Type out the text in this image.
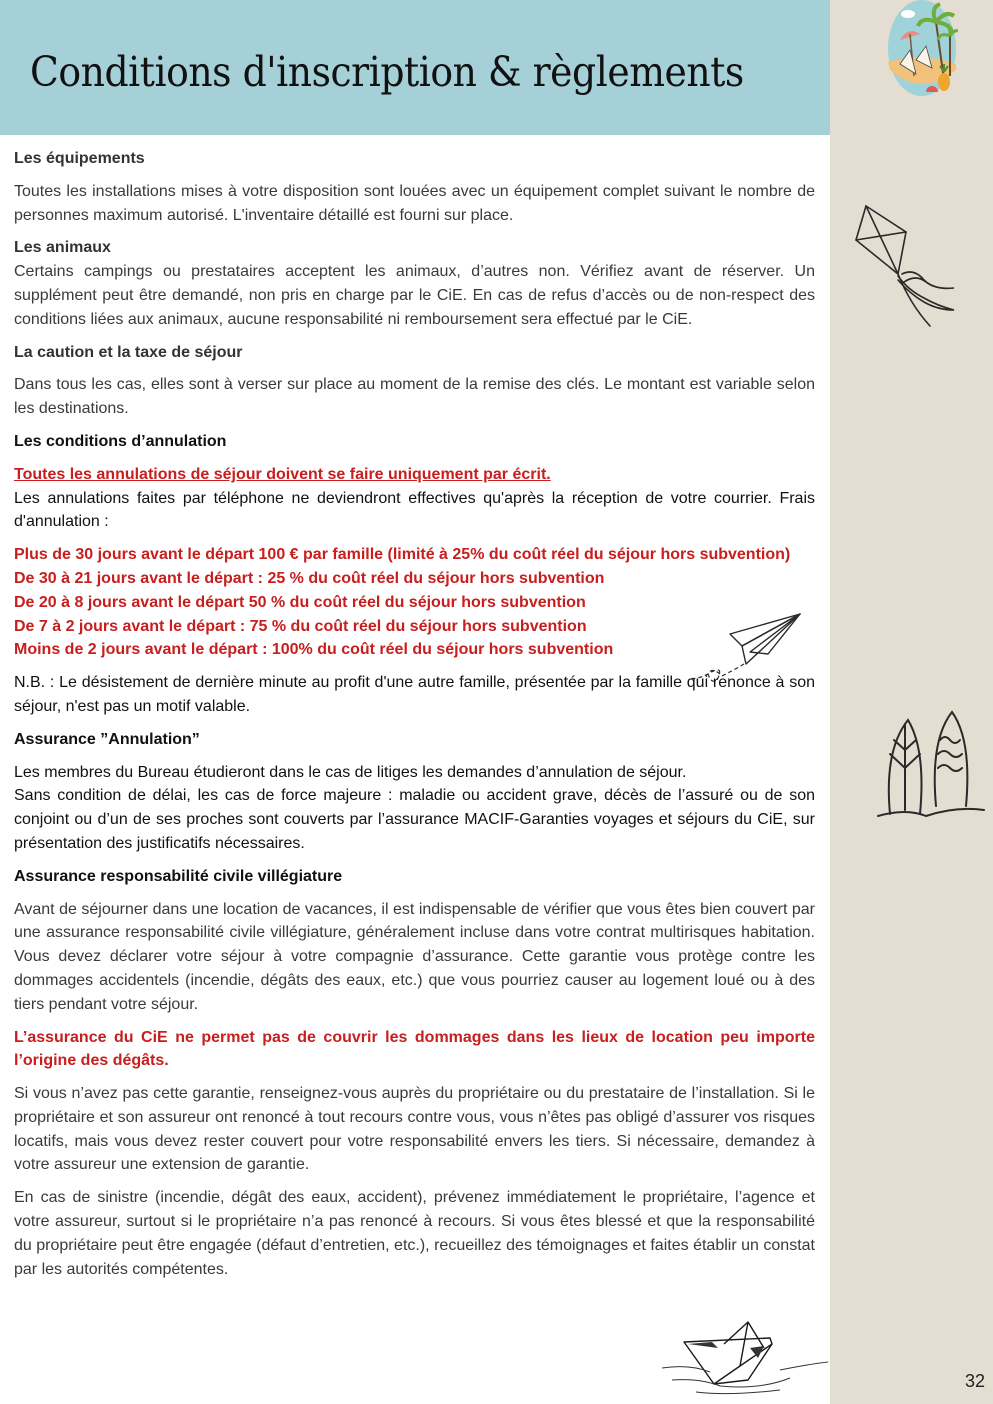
Conditions d'inscription & règlements
32

Les équipements

Toutes les installations mises à votre disposition sont louées avec un équipement complet suivant le nombre de personnes maximum autorisé. L'inventaire détaillé est fourni sur place.

Les animaux

Certains campings ou prestataires acceptent les animaux, d’autres non. Vérifiez avant de réserver. Un supplément peut être demandé, non pris en charge par le CiE. En cas de refus d’accès ou de non-respect des conditions liées aux animaux, aucune responsabilité ni remboursement sera effectué par le CiE.

La caution et la taxe de séjour

Dans tous les cas, elles sont à verser sur place au moment de la remise des clés. Le montant est variable selon les destinations.

Les conditions d’annulation

Toutes les annulations de séjour doivent se faire uniquement par écrit.

Les annulations faites par téléphone ne deviendront effectives qu'après la réception de votre courrier. Frais d'annulation :

Plus de 30 jours avant le départ 100 € par famille (limité à 25% du coût réel du séjour hors subvention)

De 30 à 21 jours avant le départ : 25 % du coût réel du séjour hors subvention

De 20 à 8 jours avant le départ 50 % du coût réel du séjour hors subvention

De 7 à 2 jours avant le départ : 75 % du coût réel du séjour hors subvention

Moins de 2 jours avant le départ : 100% du coût réel du séjour hors subvention

N.B. : Le désistement de dernière minute au profit d'une autre famille, présentée par la famille qui renonce à son séjour, n'est pas un motif valable.

Assurance ”Annulation”

Les membres du Bureau étudieront dans le cas de litiges les demandes d’annulation de séjour.

Sans condition de délai, les cas de force majeure : maladie ou accident grave, décès de l’assuré ou de son conjoint ou d’un de ses proches sont couverts par l’assurance MACIF-Garanties voyages et séjours du CiE, sur présentation des justificatifs nécessaires.

Assurance responsabilité civile villégiature

Avant de séjourner dans une location de vacances, il est indispensable de vérifier que vous êtes bien couvert par une assurance responsabilité civile villégiature, généralement incluse dans votre contrat multirisques habitation. Vous devez déclarer votre séjour à votre compagnie d’assurance. Cette garantie vous protège contre les dommages accidentels (incendie, dégâts des eaux, etc.) que vous pourriez causer au logement loué ou à des tiers pendant votre séjour.

L’assurance du CiE ne permet pas de couvrir les dommages dans les lieux de location peu importe l’origine des dégâts.

Si vous n’avez pas cette garantie, renseignez-vous auprès du propriétaire ou du prestataire de l’installation. Si le propriétaire et son assureur ont renoncé à tout recours contre vous, vous n’êtes pas obligé d’assurer vos risques locatifs, mais vous devez rester couvert pour votre responsabilité envers les tiers. Si nécessaire, demandez à votre assureur une extension de garantie.

En cas de sinistre (incendie, dégât des eaux, accident), prévenez immédiatement le propriétaire, l’agence et votre assureur, surtout si le propriétaire n’a pas renoncé à recours. Si vous êtes blessé et que la responsabilité du propriétaire peut être engagée (défaut d’entretien, etc.), recueillez des témoignages et faites établir un constat par les autorités compétentes.
